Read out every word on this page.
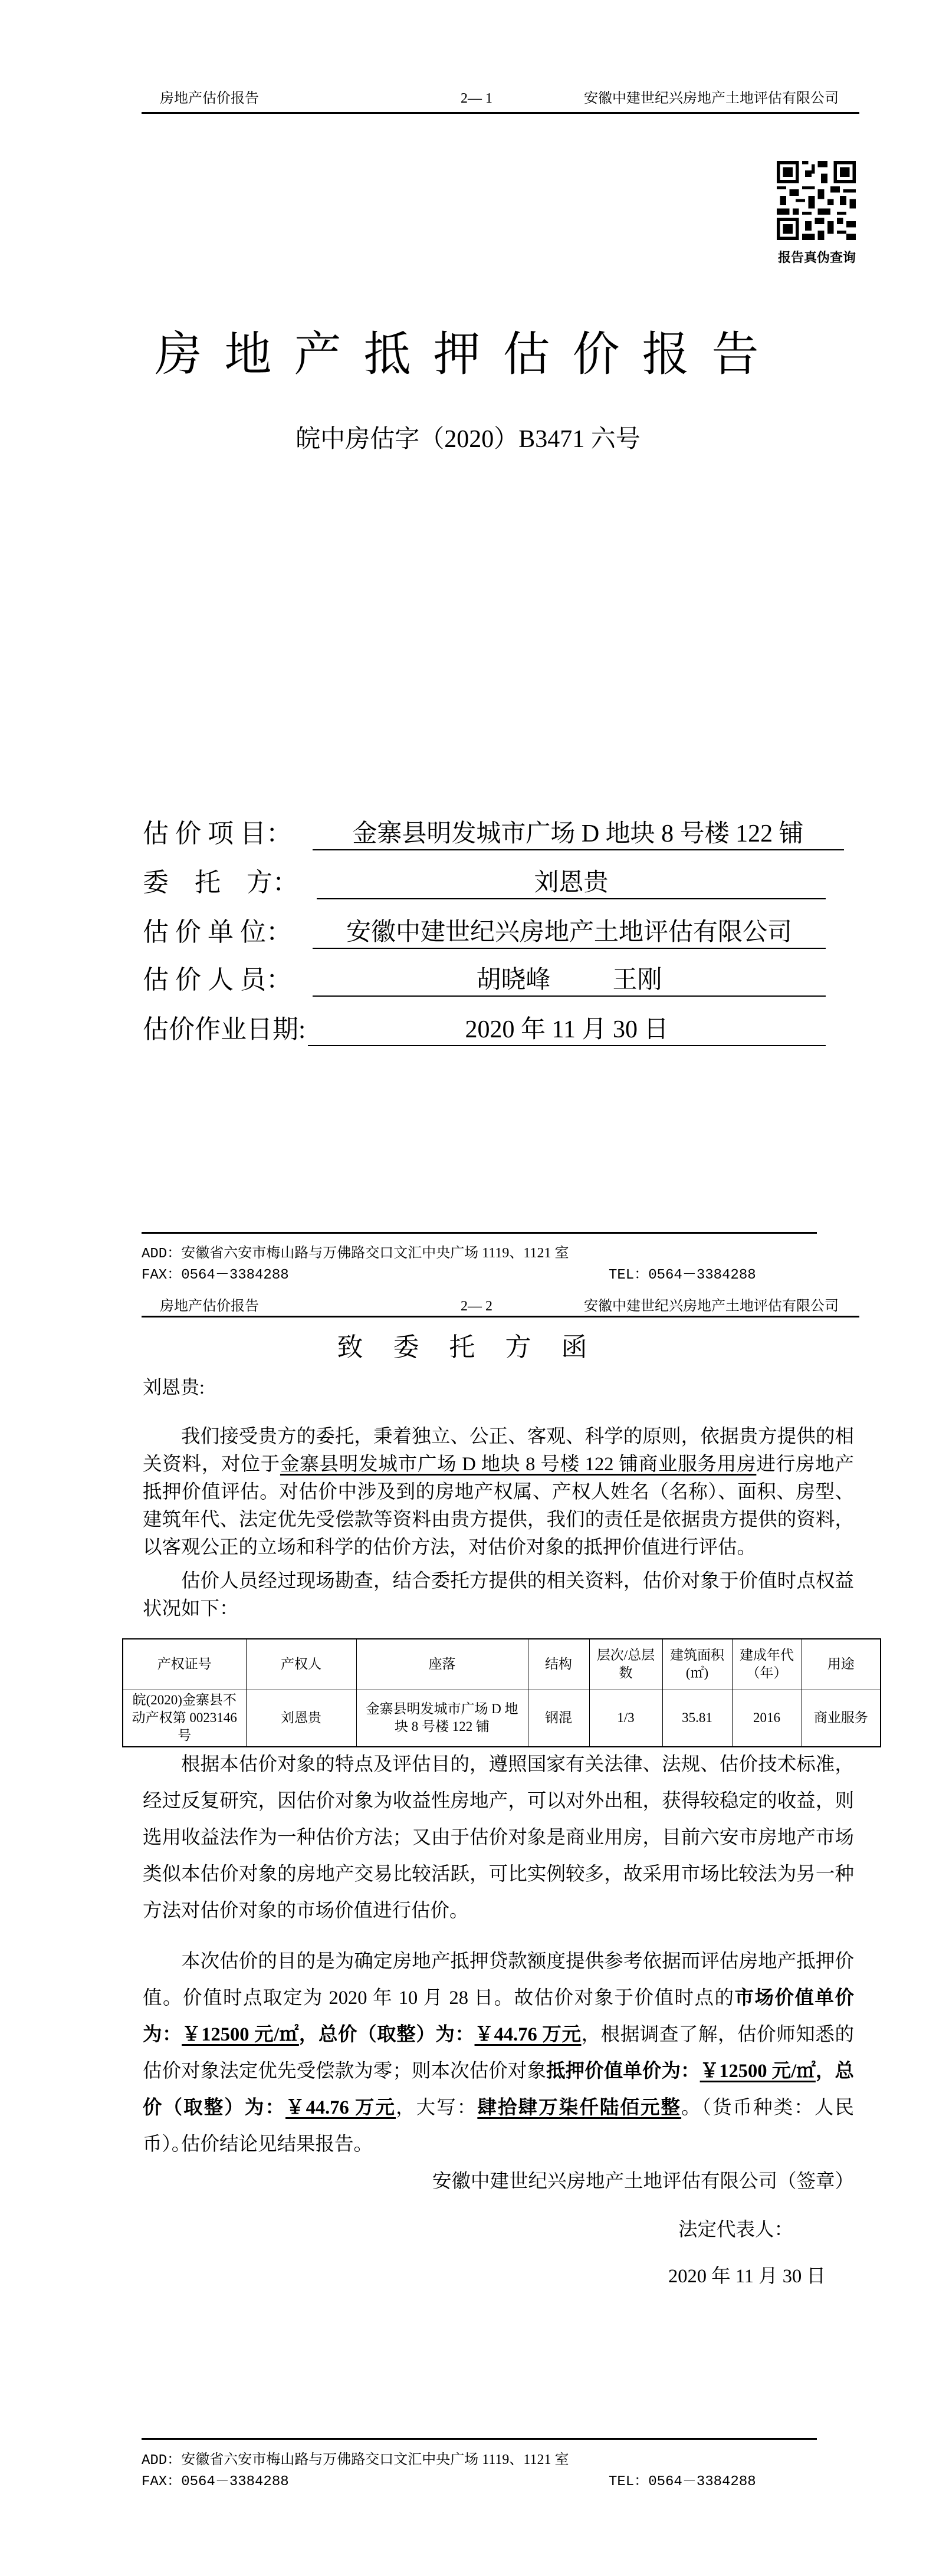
房地产估价报告	2— 1	安徽中建世纪兴房地产土地评估有限公司
报告真伪查询
房地产抵押估价报告
皖中房估字（2020）B3471 六号
估 价 项 目：	金寨县明发城市广场 D 地块 8 号楼 122 铺
委    托    方：	刘恩贵
估 价 单 位：	安徽中建世纪兴房地产土地评估有限公司
估 价 人 员：	胡晓峰          王刚
估价作业日期:	2020 年 11 月 30 日
ADD：安徽省六安市梅山路与万佛路交口文汇中央广场 1119、1121 室
FAX：0564－3384288	TEL：0564－3384288
房地产估价报告	2— 2	安徽中建世纪兴房地产土地评估有限公司
致 委 托 方 函
刘恩贵:

我们接受贵方的委托，秉着独立、公正、客观、科学的原则，依据贵方提供的相关资料，对位于金寨县明发城市广场 D 地块 8 号楼 122 铺商业服务用房进行房地产抵押价值评估。对估价中涉及到的房地产权属、产权人姓名（名称）、面积、房型、建筑年代、法定优先受偿款等资料由贵方提供，我们的责任是依据贵方提供的资料，以客观公正的立场和科学的估价方法，对估价对象的抵押价值进行评估。

估价人员经过现场勘查，结合委托方提供的相关资料，估价对象于价值时点权益状况如下：

产权证号	产权人	座落	结构	层次/总层数	建筑面积(㎡)	建成年代（年）	用途
皖(2020)金寨县不动产权第 0023146 号	刘恩贵	金寨县明发城市广场 D 地块 8 号楼 122 铺	钢混	1/3	35.81	2016	商业服务

根据本估价对象的特点及评估目的，遵照国家有关法律、法规、估价技术标准，经过反复研究，因估价对象为收益性房地产，可以对外出租，获得较稳定的收益，则选用收益法作为一种估价方法；又由于估价对象是商业用房，目前六安市房地产市场类似本估价对象的房地产交易比较活跃，可比实例较多，故采用市场比较法为另一种方法对估价对象的市场价值进行估价。

本次估价的目的是为确定房地产抵押贷款额度提供参考依据而评估房地产抵押价值。价值时点取定为 2020 年 10 月 28 日。故估价对象于价值时点的市场价值单价为：￥12500 元/㎡，总价（取整）为：￥44.76 万元，根据调查了解，估价师知悉的估价对象法定优先受偿款为零；则本次估价对象抵押价值单价为：￥12500 元/㎡，总价（取整）为：￥44.76 万元，大写：肆拾肆万柒仟陆佰元整。（货币种类：人民币）。

估价结论见结果报告。

安徽中建世纪兴房地产土地评估有限公司（签章）
法定代表人：
2020 年 11 月 30 日
ADD：安徽省六安市梅山路与万佛路交口文汇中央广场 1119、1121 室
FAX：0564－3384288	TEL：0564－3384288
